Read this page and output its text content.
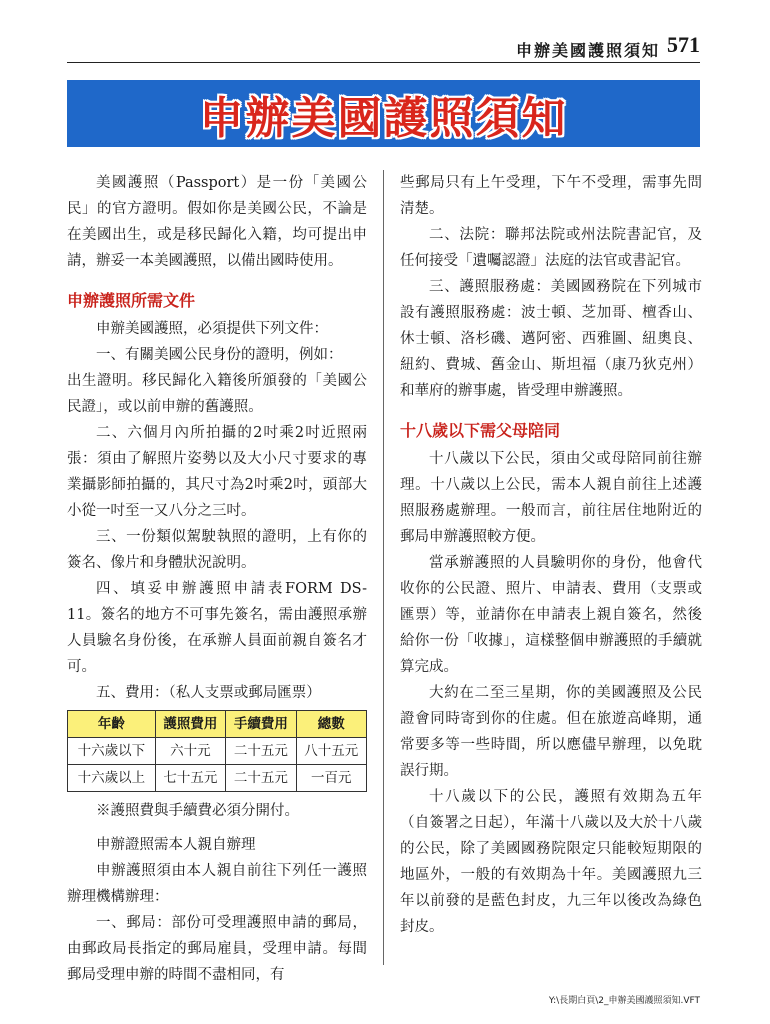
申辦美國護照須知 571
申辦美國護照須知

美國護照（Passport）是一份「美國公民」的官方證明。假如你是美國公民，不論是在美國出生，或是移民歸化入籍，均可提出申請，辦妥一本美國護照，以備出國時使用。

申辦護照所需文件

申辦美國護照，必須提供下列文件：

一、有關美國公民身份的證明，例如：

出生證明。移民歸化入籍後所頒發的「美國公民證」，或以前申辦的舊護照。

二、六個月內所拍攝的2吋乘2吋近照兩張：須由了解照片姿勢以及大小尺寸要求的專業攝影師拍攝的，其尺寸為2吋乘2吋，頭部大小從一吋至一又八分之三吋。

三、一份類似駕駛執照的證明，上有你的簽名、像片和身體狀況說明。

四、填妥申辦護照申請表FORM DS-11。簽名的地方不可事先簽名，需由護照承辦人員驗名身份後，在承辦人員面前親自簽名才可。

五、費用：（私人支票或郵局匯票）

年齡	護照費用	手續費用	總數
十六歲以下	六十元	二十五元	八十五元
十六歲以上	七十五元	二十五元	一百元

※護照費與手續費必須分開付。

申辦證照需本人親自辦理

申辦護照須由本人親自前往下列任一護照辦理機構辦理：

一、郵局：部份可受理護照申請的郵局，由郵政局長指定的郵局雇員，受理申請。每間郵局受理申辦的時間不盡相同，有

些郵局只有上午受理，下午不受理，需事先問清楚。

二、法院：聯邦法院或州法院書記官，及任何接受「遺囑認證」法庭的法官或書記官。

三、護照服務處：美國國務院在下列城市設有護照服務處：波士頓、芝加哥、檀香山、休士頓、洛杉磯、邁阿密、西雅圖、紐奧良、紐約、費城、舊金山、斯坦福（康乃狄克州）和華府的辦事處，皆受理申辦護照。

十八歲以下需父母陪同

十八歲以下公民，須由父或母陪同前往辦理。十八歲以上公民，需本人親自前往上述護照服務處辦理。一般而言，前往居住地附近的郵局申辦護照較方便。

當承辦護照的人員驗明你的身份，他會代收你的公民證、照片、申請表、費用（支票或匯票）等，並請你在申請表上親自簽名，然後給你一份「收據」，這樣整個申辦護照的手續就算完成。

大約在二至三星期，你的美國護照及公民證會同時寄到你的住處。但在旅遊高峰期，通常要多等一些時間，所以應儘早辦理，以免耽誤行期。

十八歲以下的公民，護照有效期為五年（自簽署之日起），年滿十八歲以及大於十八歲的公民，除了美國國務院限定只能較短期限的地區外，一般的有效期為十年。美國護照九三年以前發的是藍色封皮，九三年以後改為綠色封皮。

Y:\長期白頁\2_申辦美國護照須知.VFT
